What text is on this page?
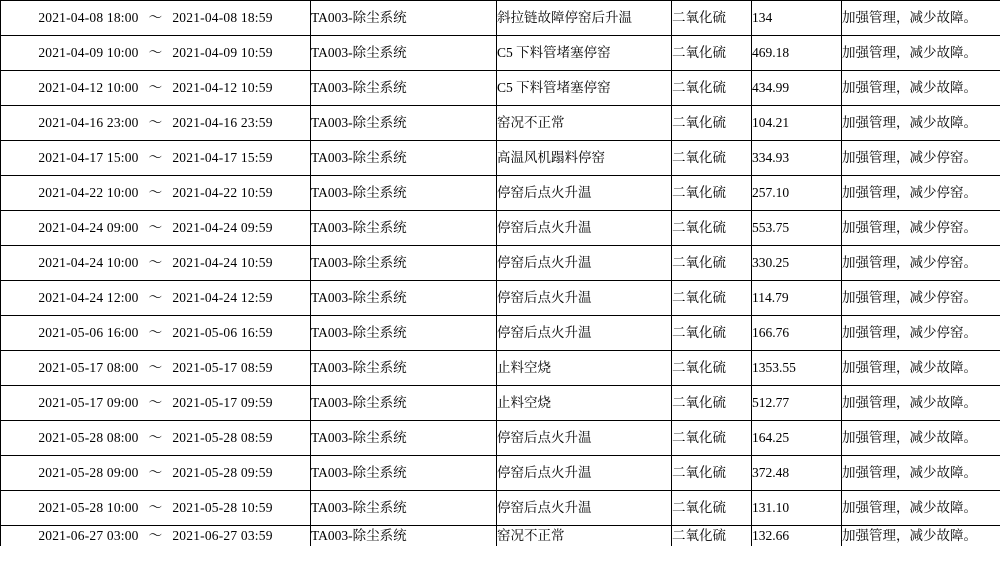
2021-04-08 18:00 ～ 2021-04-08 18:59	TA003-除尘系统	斜拉链故障停窑后升温	二氧化硫	134	加强管理，减少故障。
2021-04-09 10:00 ～ 2021-04-09 10:59	TA003-除尘系统	C5 下料管堵塞停窑	二氧化硫	469.18	加强管理，减少故障。
2021-04-12 10:00 ～ 2021-04-12 10:59	TA003-除尘系统	C5 下料管堵塞停窑	二氧化硫	434.99	加强管理，减少故障。
2021-04-16 23:00 ～ 2021-04-16 23:59	TA003-除尘系统	窑况不正常	二氧化硫	104.21	加强管理，减少故障。
2021-04-17 15:00 ～ 2021-04-17 15:59	TA003-除尘系统	高温风机蹋料停窑	二氧化硫	334.93	加强管理，减少停窑。
2021-04-22 10:00 ～ 2021-04-22 10:59	TA003-除尘系统	停窑后点火升温	二氧化硫	257.10	加强管理，减少停窑。
2021-04-24 09:00 ～ 2021-04-24 09:59	TA003-除尘系统	停窑后点火升温	二氧化硫	553.75	加强管理，减少停窑。
2021-04-24 10:00 ～ 2021-04-24 10:59	TA003-除尘系统	停窑后点火升温	二氧化硫	330.25	加强管理，减少停窑。
2021-04-24 12:00 ～ 2021-04-24 12:59	TA003-除尘系统	停窑后点火升温	二氧化硫	114.79	加强管理，减少停窑。
2021-05-06 16:00 ～ 2021-05-06 16:59	TA003-除尘系统	停窑后点火升温	二氧化硫	166.76	加强管理，减少停窑。
2021-05-17 08:00 ～ 2021-05-17 08:59	TA003-除尘系统	止料空烧	二氧化硫	1353.55	加强管理，减少故障。
2021-05-17 09:00 ～ 2021-05-17 09:59	TA003-除尘系统	止料空烧	二氧化硫	512.77	加强管理，减少故障。
2021-05-28 08:00 ～ 2021-05-28 08:59	TA003-除尘系统	停窑后点火升温	二氧化硫	164.25	加强管理，减少故障。
2021-05-28 09:00 ～ 2021-05-28 09:59	TA003-除尘系统	停窑后点火升温	二氧化硫	372.48	加强管理，减少故障。
2021-05-28 10:00 ～ 2021-05-28 10:59	TA003-除尘系统	停窑后点火升温	二氧化硫	131.10	加强管理，减少故障。
2021-06-27 03:00 ～ 2021-06-27 03:59	TA003-除尘系统	窑况不正常	二氧化硫	132.66	加强管理，减少故障。
